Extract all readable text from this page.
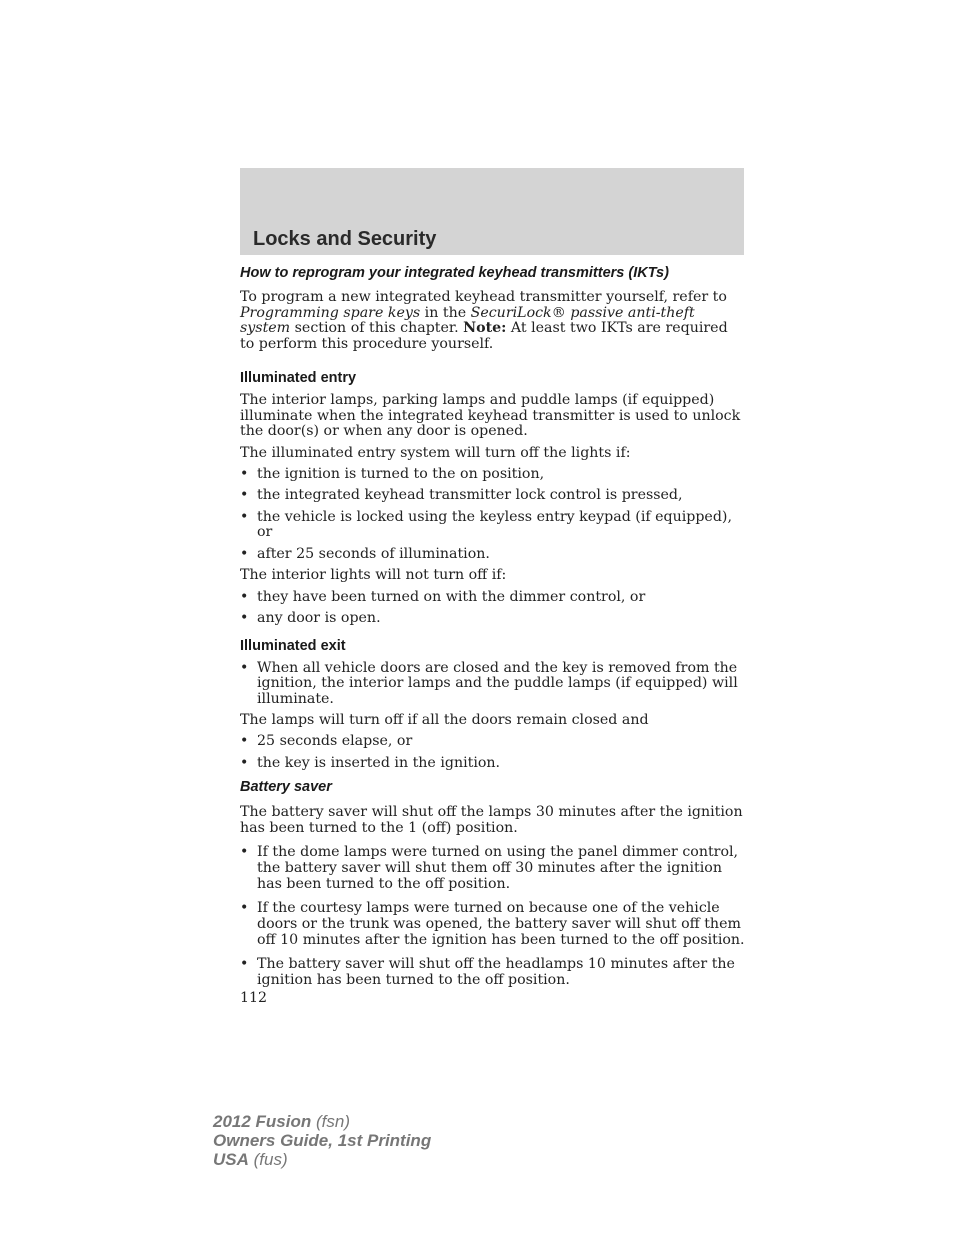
Locks and Security
How to reprogram your integrated keyhead transmitters (IKTs)

To program a new integrated keyhead transmitter yourself, refer to Programming spare keys in the SecuriLock® passive anti-theft system section of this chapter. Note: At least two IKTs are required to perform this procedure yourself.

Illuminated entry

The interior lamps, parking lamps and puddle lamps (if equipped) illuminate when the integrated keyhead transmitter is used to unlock the door(s) or when any door is opened.

The illuminated entry system will turn off the lights if:

• the ignition is turned to the on position,
• the integrated keyhead transmitter lock control is pressed,
• the vehicle is locked using the keyless entry keypad (if equipped), or
• after 25 seconds of illumination.

The interior lights will not turn off if:

• they have been turned on with the dimmer control, or
• any door is open.
Illuminated exit
• When all vehicle doors are closed and the key is removed from the ignition, the interior lamps and the puddle lamps (if equipped) will illuminate.

The lamps will turn off if all the doors remain closed and

• 25 seconds elapse, or
• the key is inserted in the ignition.
Battery saver

The battery saver will shut off the lamps 30 minutes after the ignition has been turned to the 1 (off) position.

• If the dome lamps were turned on using the panel dimmer control, the battery saver will shut them off 30 minutes after the ignition has been turned to the off position.
• If the courtesy lamps were turned on because one of the vehicle doors or the trunk was opened, the battery saver will shut off them off 10 minutes after the ignition has been turned to the off position.
• The battery saver will shut off the headlamps 10 minutes after the ignition has been turned to the off position.
112
2012 Fusion (fsn)
Owners Guide, 1st Printing
USA (fus)
